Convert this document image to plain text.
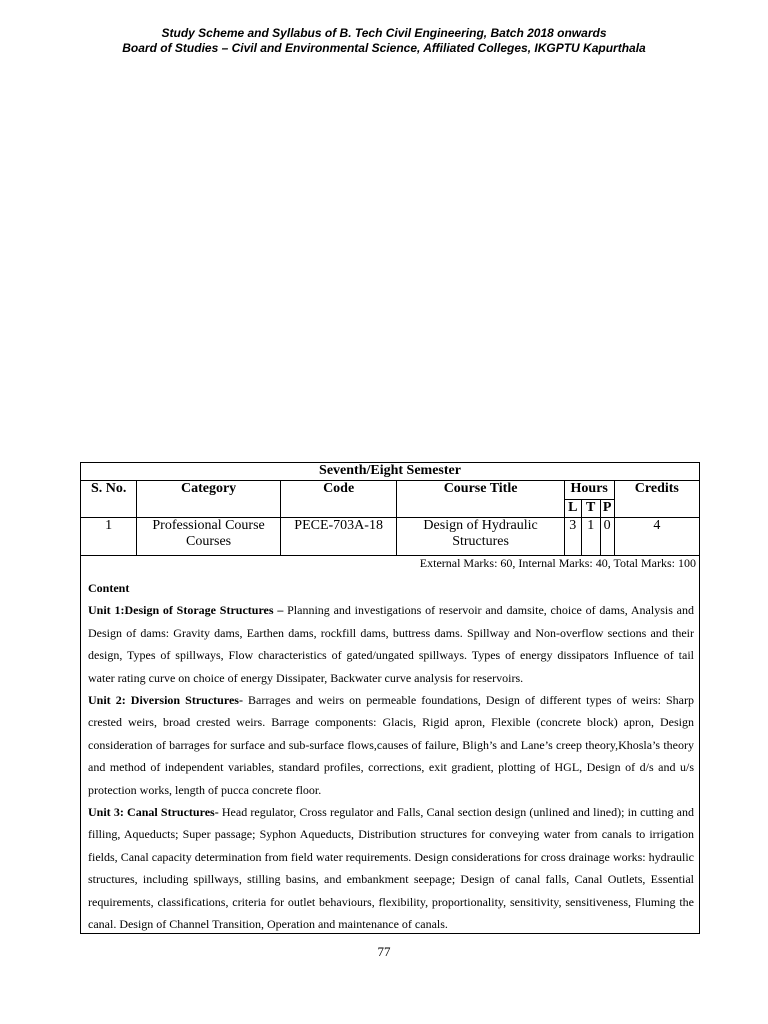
Study Scheme and Syllabus of B. Tech Civil Engineering, Batch 2018 onwards
Board of Studies – Civil and Environmental Science, Affiliated Colleges, IKGPTU Kapurthala
Seventh/Eight Semester							
S. No.	Category	Code	Course Title	Hours			Credits
				L	T	P	
1	Professional Course Courses	PECE-703A-18	Design of Hydraulic Structures	3	1	0	4
External Marks: 60, Internal Marks: 40, Total Marks: 100

Content

Unit 1:Design of Storage Structures – Planning and investigations of reservoir and damsite, choice of dams, Analysis and Design of dams: Gravity dams, Earthen dams, rockfill dams, buttress dams. Spillway and Non-overflow sections and their design, Types of spillways, Flow characteristics of gated/ungated spillways. Types of energy dissipators Influence of tail water rating curve on choice of energy Dissipater, Backwater curve analysis for reservoirs.

Unit 2: Diversion Structures- Barrages and weirs on permeable foundations, Design of different types of weirs: Sharp crested weirs, broad crested weirs. Barrage components: Glacis, Rigid apron, Flexible (concrete block) apron, Design consideration of barrages for surface and sub-surface flows,causes of failure, Bligh’s and Lane’s creep theory,Khosla’s theory and method of independent variables, standard profiles, corrections, exit gradient, plotting of HGL, Design of d/s and u/s protection works, length of pucca concrete floor.

Unit 3: Canal Structures- Head regulator, Cross regulator and Falls, Canal section design (unlined and lined); in cutting and filling, Aqueducts; Super passage; Syphon Aqueducts, Distribution structures for conveying water from canals to irrigation fields, Canal capacity determination from field water requirements. Design considerations for cross drainage works: hydraulic structures, including spillways, stilling basins, and embankment seepage; Design of canal falls, Canal Outlets, Essential requirements, classifications, criteria for outlet behaviours, flexibility, proportionality, sensitivity, sensitiveness, Fluming the canal. Design of Channel Transition, Operation and maintenance of canals.

77
